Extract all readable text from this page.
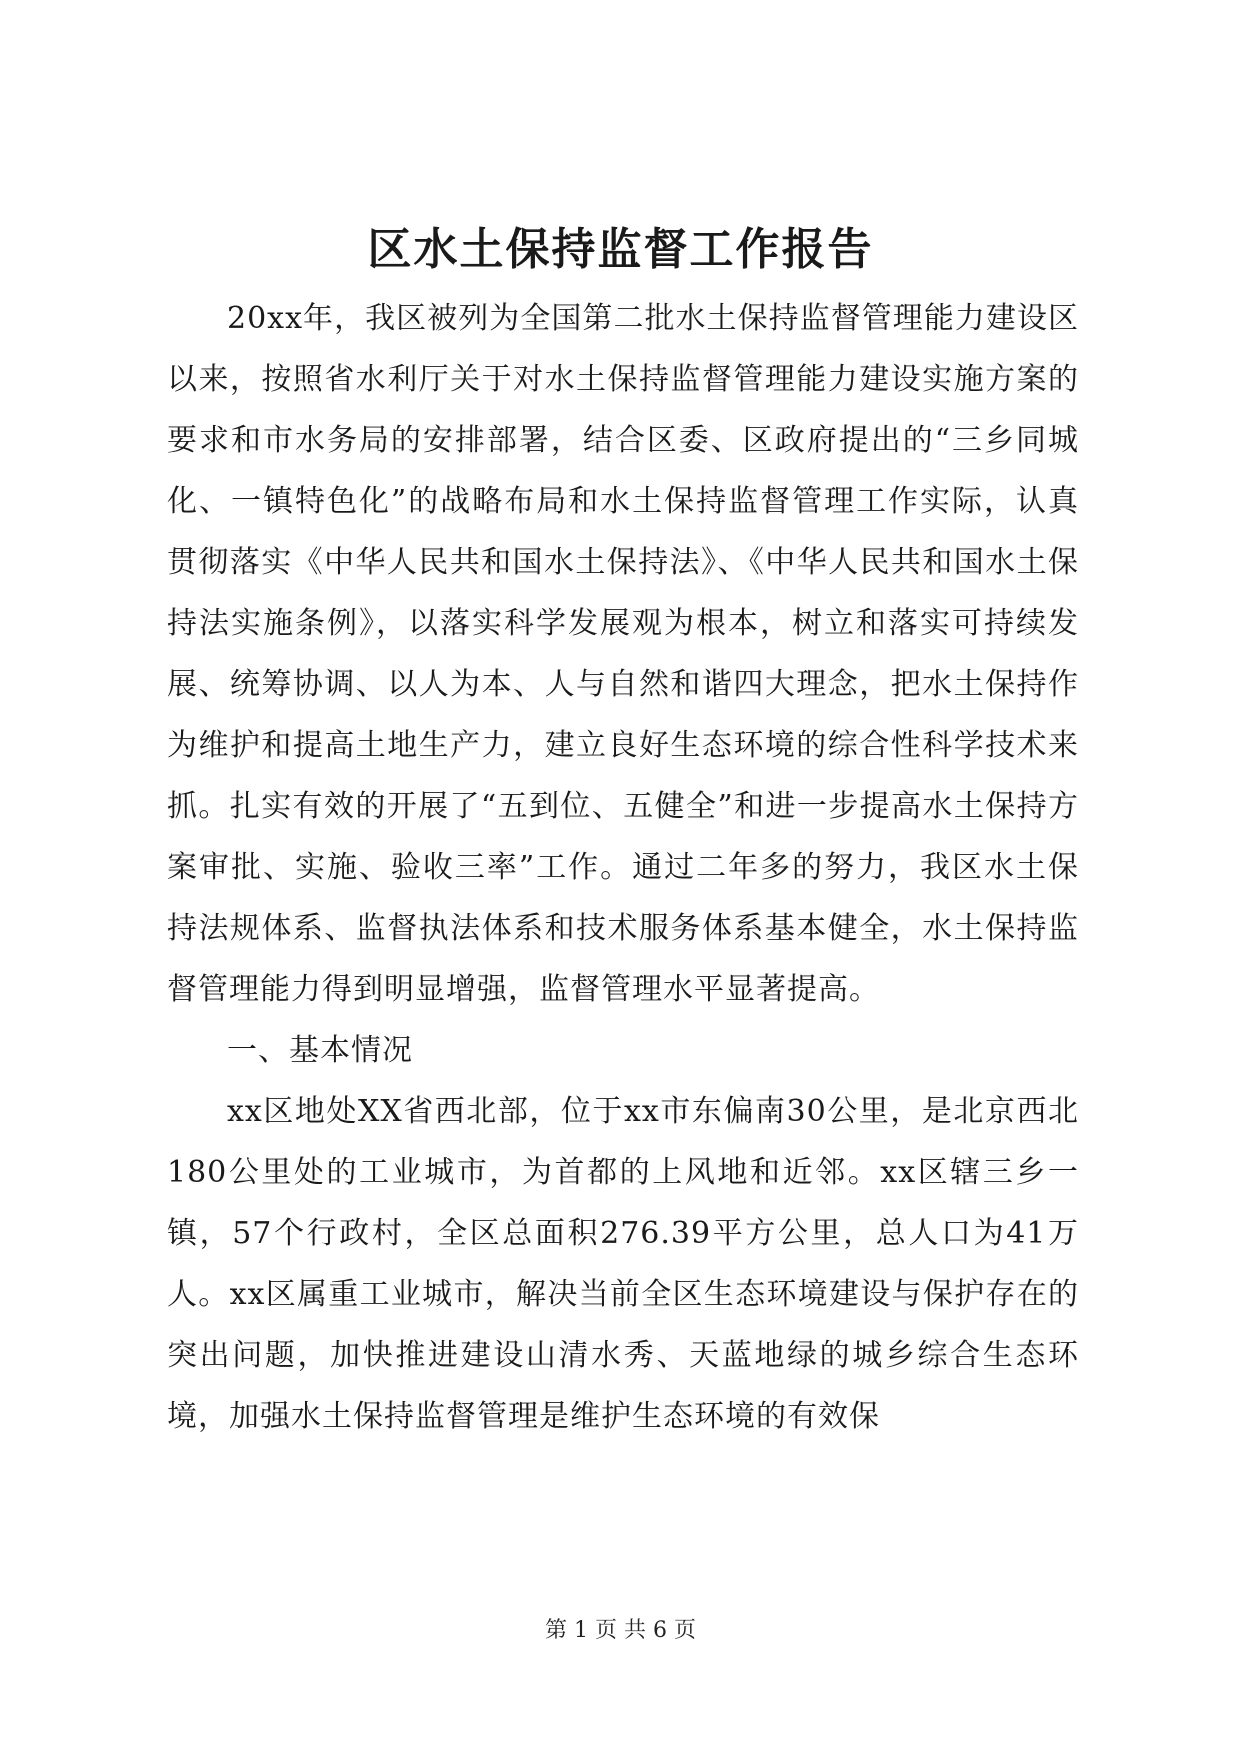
区水土保持监督工作报告

20xx年，我区被列为全国第二批水土保持监督管理能力建设区以来，按照省水利厅关于对水土保持监督管理能力建设实施方案的要求和市水务局的安排部署，结合区委、区政府提出的“三乡同城化、一镇特色化”的战略布局和水土保持监督管理工作实际，认真贯彻落实《中华人民共和国水土保持法》、《中华人民共和国水土保持法实施条例》，以落实科学发展观为根本，树立和落实可持续发展、统筹协调、以人为本、人与自然和谐四大理念，把水土保持作为维护和提高土地生产力，建立良好生态环境的综合性科学技术来抓。扎实有效的开展了“五到位、五健全”和进一步提高水土保持方案审批、实施、验收三率”工作。通过二年多的努力，我区水土保持法规体系、监督执法体系和技术服务体系基本健全，水土保持监督管理能力得到明显增强，监督管理水平显著提高。

一、基本情况

xx区地处XX省西北部，位于xx市东偏南30公里，是北京西北180公里处的工业城市，为首都的上风地和近邻。xx区辖三乡一镇，57个行政村，全区总面积276.39平方公里，总人口为41万人。xx区属重工业城市，解决当前全区生态环境建设与保护存在的突出问题，加快推进建设山清水秀、天蓝地绿的城乡综合生态环境，加强水土保持监督管理是维护生态环境的有效保

第 1 页 共 6 页
